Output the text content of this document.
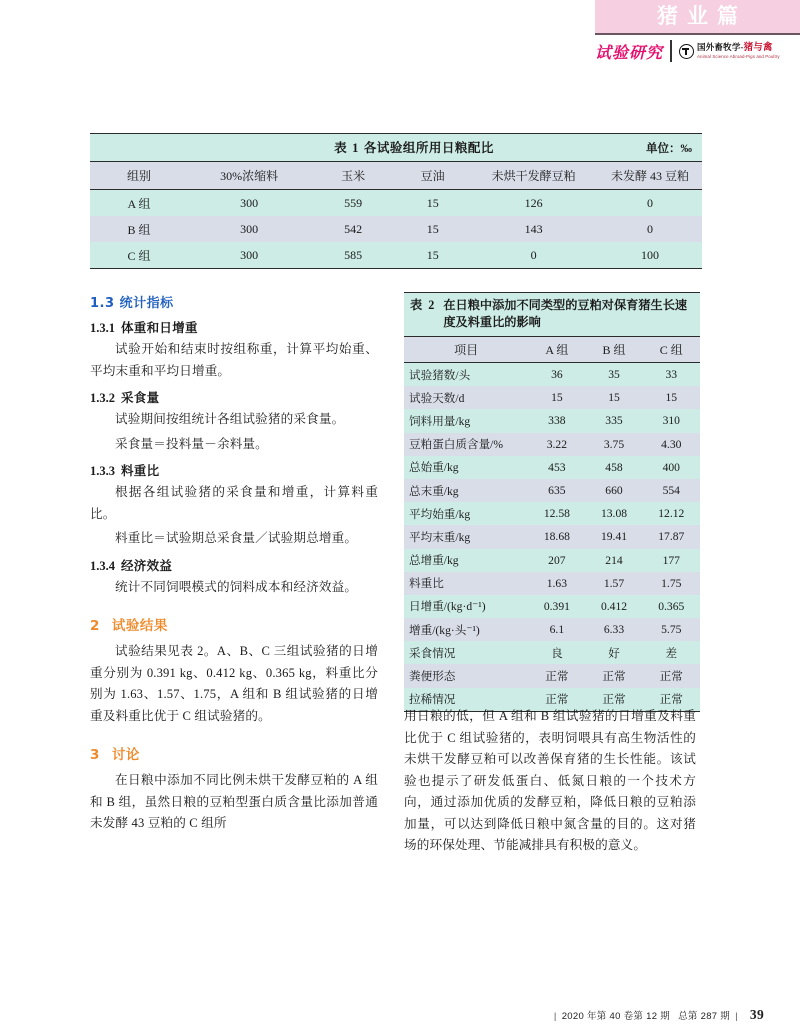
猪业篇
试验研究	国外畜牧学-猪与禽
Animal Science Abroad-Pigs and Poultry
表 1 各试验组所用日粮配比 单位：‰					

组别	30%浓缩料	玉米	豆油	未烘干发酵豆粕	未发酵 43 豆粕
A 组	300	559	15	126	0
B 组	300	542	15	143	0
C 组	300	585	15	0	100
1.3 统计指标
1.3.1 体重和日增重

试验开始和结束时按组称重，计算平均始重、平均末重和平均日增重。

1.3.2 采食量

试验期间按组统计各组试验猪的采食量。

采食量＝投料量－余料量。

1.3.3 料重比

根据各组试验猪的采食量和增重，计算料重比。

料重比＝试验期总采食量／试验期总增重。

1.3.4 经济效益

统计不同饲喂模式的饲料成本和经济效益。

2 试验结果

试验结果见表 2。A、B、C 三组试验猪的日增重分别为 0.391 kg、0.412 kg、0.365 kg，料重比分别为 1.63、1.57、1.75，A 组和 B 组试验猪的日增重及料重比优于 C 组试验猪的。

3 讨论

在日粮中添加不同比例未烘干发酵豆粕的 A 组和 B 组，虽然日粮的豆粕型蛋白质含量比添加普通未发酵 43 豆粕的 C 组所

表 2 在日粮中添加不同类型的豆粕对保育猪生长速度及料重比的影响
项目	A 组	B 组	C 组
试验猪数/头	36	35	33
试验天数/d	15	15	15
饲料用量/kg	338	335	310
豆粕蛋白质含量/%	3.22	3.75	4.30
总始重/kg	453	458	400
总末重/kg	635	660	554
平均始重/kg	12.58	13.08	12.12
平均末重/kg	18.68	19.41	17.87
总增重/kg	207	214	177
料重比	1.63	1.57	1.75
日增重/(kg·d⁻¹)	0.391	0.412	0.365
增重/(kg·头⁻¹)	6.1	6.33	5.75
采食情况	良	好	差
粪便形态	正常	正常	正常
拉稀情况	正常	正常	正常

用日粮的低，但 A 组和 B 组试验猪的日增重及料重比优于 C 组试验猪的，表明饲喂具有高生物活性的未烘干发酵豆粕可以改善保育猪的生长性能。该试验也提示了研发低蛋白、低氮日粮的一个技术方向，通过添加优质的发酵豆粕，降低日粮的豆粕添加量，可以达到降低日粮中氮含量的目的。这对猪场的环保处理、节能减排具有积极的意义。

| 2020 年第 40 卷第 12 期 总第 287 期 | 39
